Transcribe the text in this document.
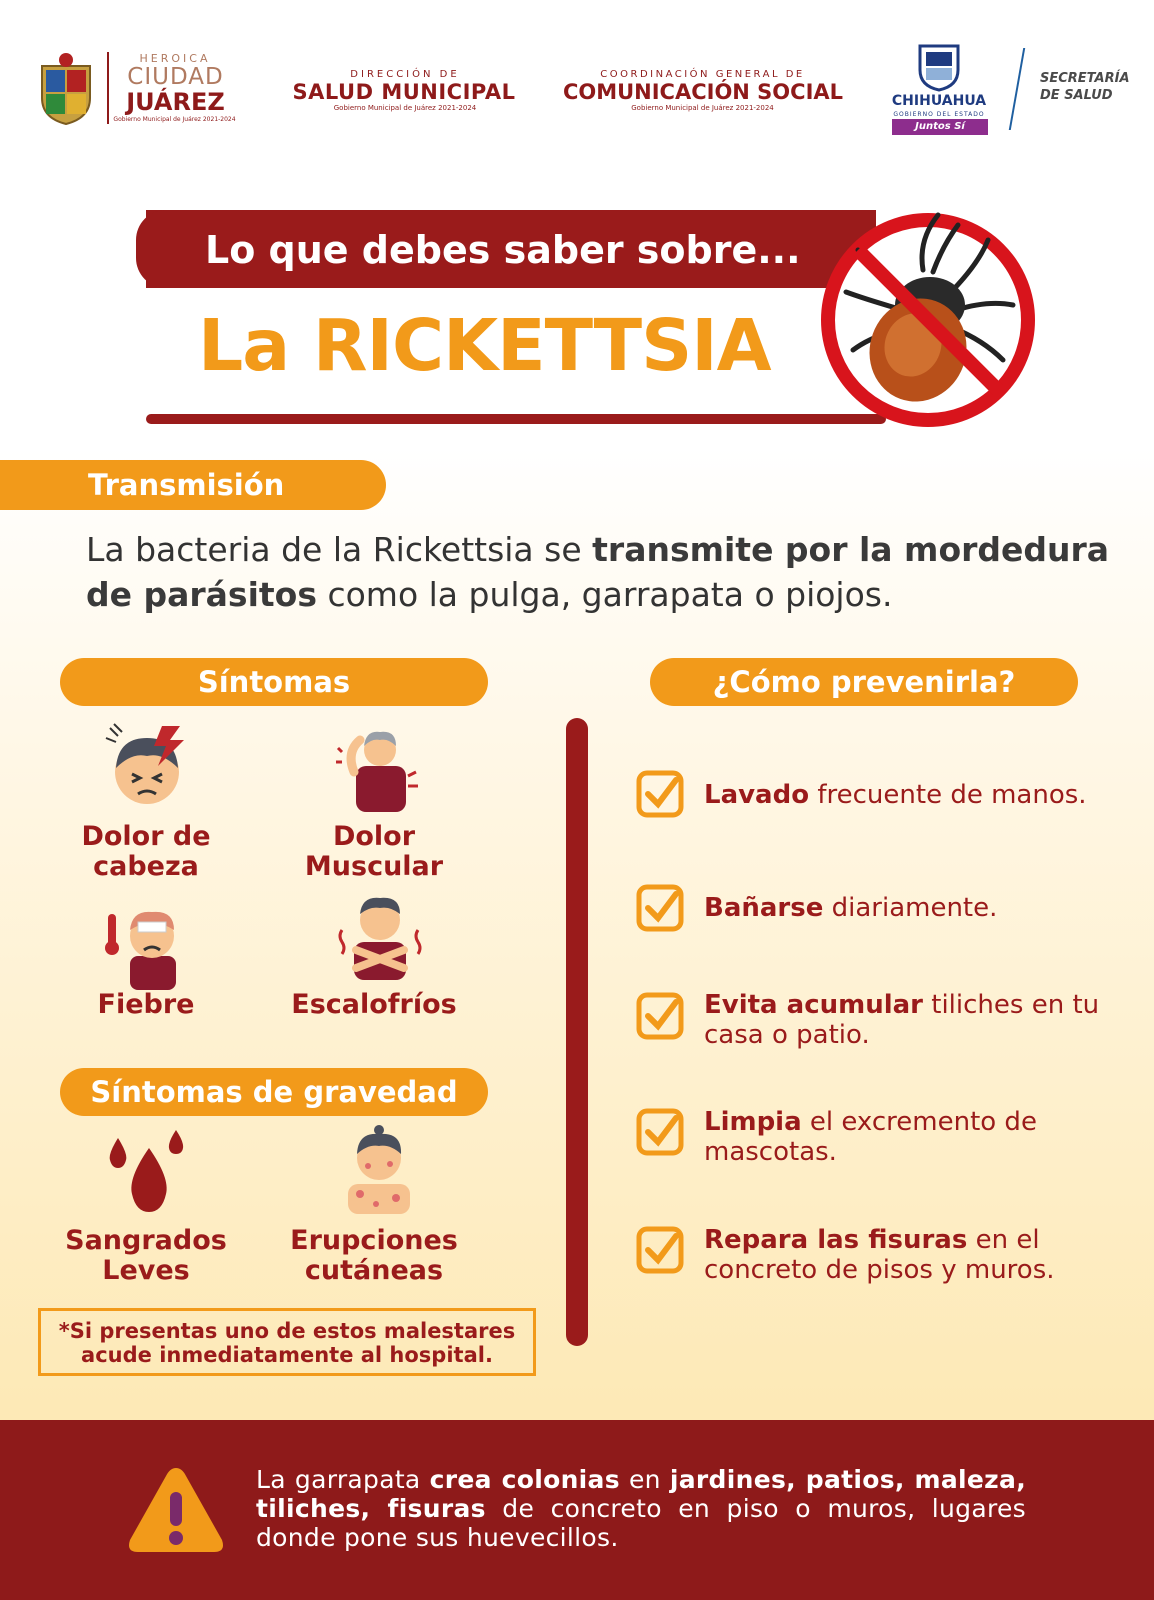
HEROICA
CIUDAD
JUÁREZ
Gobierno Municipal de Juárez 2021-2024
DIRECCIÓN DE
SALUD MUNICIPAL
Gobierno Municipal de Juárez 2021-2024
COORDINACIÓN GENERAL DE
COMUNICACIÓN SOCIAL
Gobierno Municipal de Juárez 2021-2024	CHIHUAHUA
GOBIERNO DEL ESTADO
Juntos Sí podemos
SECRETARÍA
DE SALUD
Lo que debes saber sobre...
La RICKETTSIA
Transmisión
La bacteria de la Rickettsia se transmite por la mordedura de parásitos como la pulga, garrapata o piojos.
Síntomas	¿Cómo prevenirla?
Dolor de
cabeza
Dolor
Muscular
Fiebre	Escalofríos
Síntomas de gravedad
Sangrados
Leves
Erupciones
cutáneas
*Si presentas uno de estos malestares
acude inmediatamente al hospital.
Lavado frecuente de manos.
Bañarse diariamente.
Evita acumular tiliches en tu casa o patio.
Limpia el excremento de mascotas.
Repara las fisuras en el concreto de pisos y muros.
La garrapata crea colonias en jardines, patios, maleza, tiliches, fisuras de concreto en piso o muros, lugares donde pone sus huevecillos.
